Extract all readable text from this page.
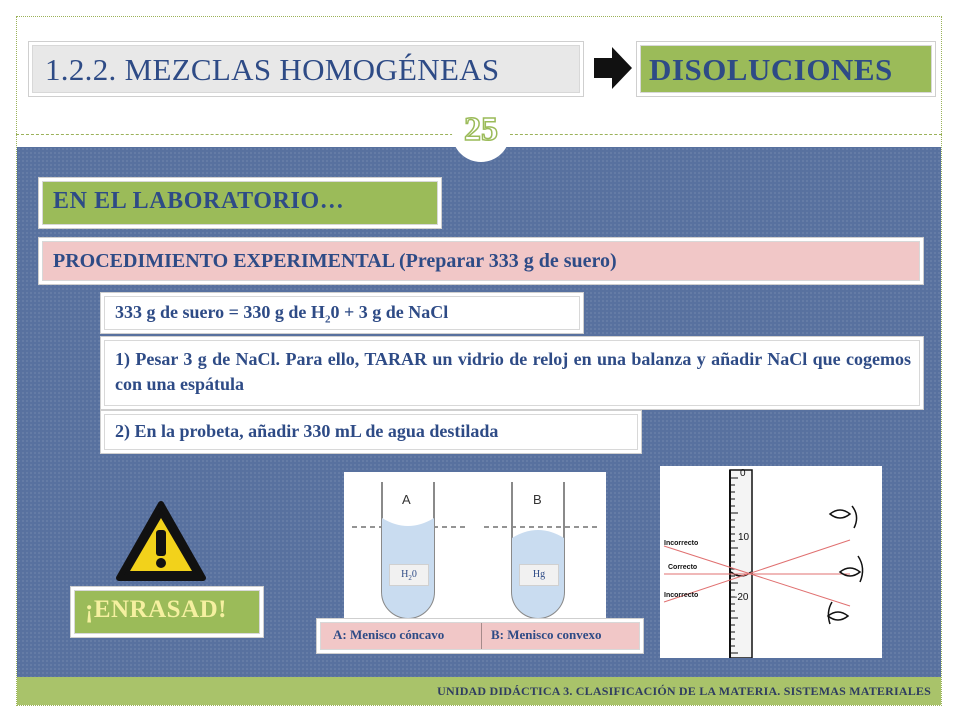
UNIDAD DIDÁCTICA 3. CLASIFICACIÓN DE LA MATERIA. SISTEMAS MATERIALES
1.2.2. MEZCLAS HOMOGÉNEAS	DISOLUCIONES
25
EN EL LABORATORIO…
PROCEDIMIENTO EXPERIMENTAL (Preparar 333 g de suero)
333 g de suero = 330 g de $H_20 + 3$ g de NaCl
1) Pesar 3 g de NaCl. Para ello, TARAR un vidrio de reloj en una balanza y añadir NaCl que cogemos con una espátula
2) En la probeta, añadir 330 mL de agua destilada
¡ENRASAD!
A	B
$H_20$	Hg
A: Menisco cóncavo	B: Menisco convexo
0
10
-20
Incorrecto
Correcto
Incorrecto
